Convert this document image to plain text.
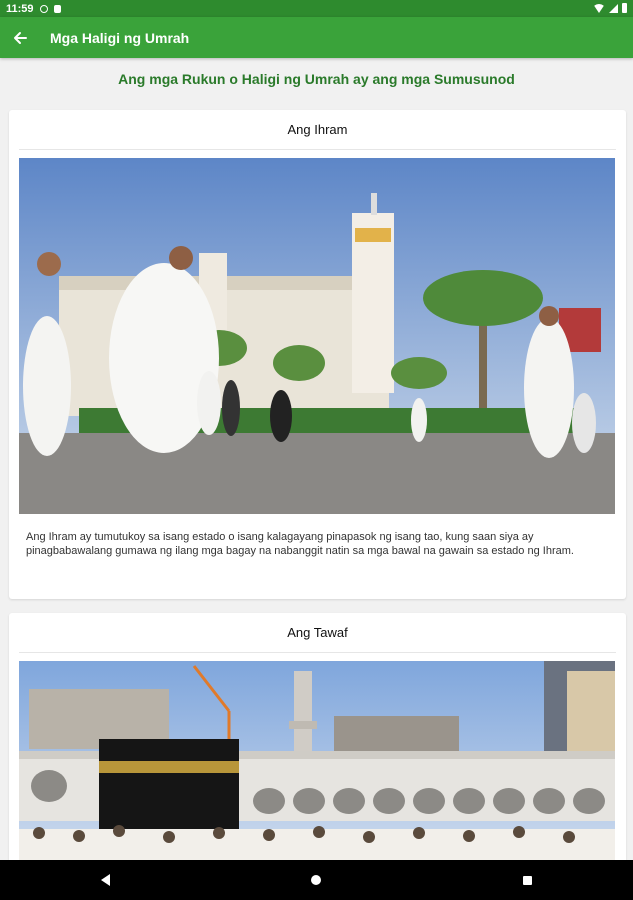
11:59
Mga Haligi ng Umrah
Ang mga Rukun o Haligi ng Umrah ay ang mga Sumusunod
Ang Ihram
Ang Ihram ay tumutukoy sa isang estado o isang kalagayang pinapasok ng isang tao, kung saan siya ay pinagbabawalang gumawa ng ilang mga bagay na nabanggit natin sa mga bawal na gawain sa estado ng Ihram.
Ang Tawaf
